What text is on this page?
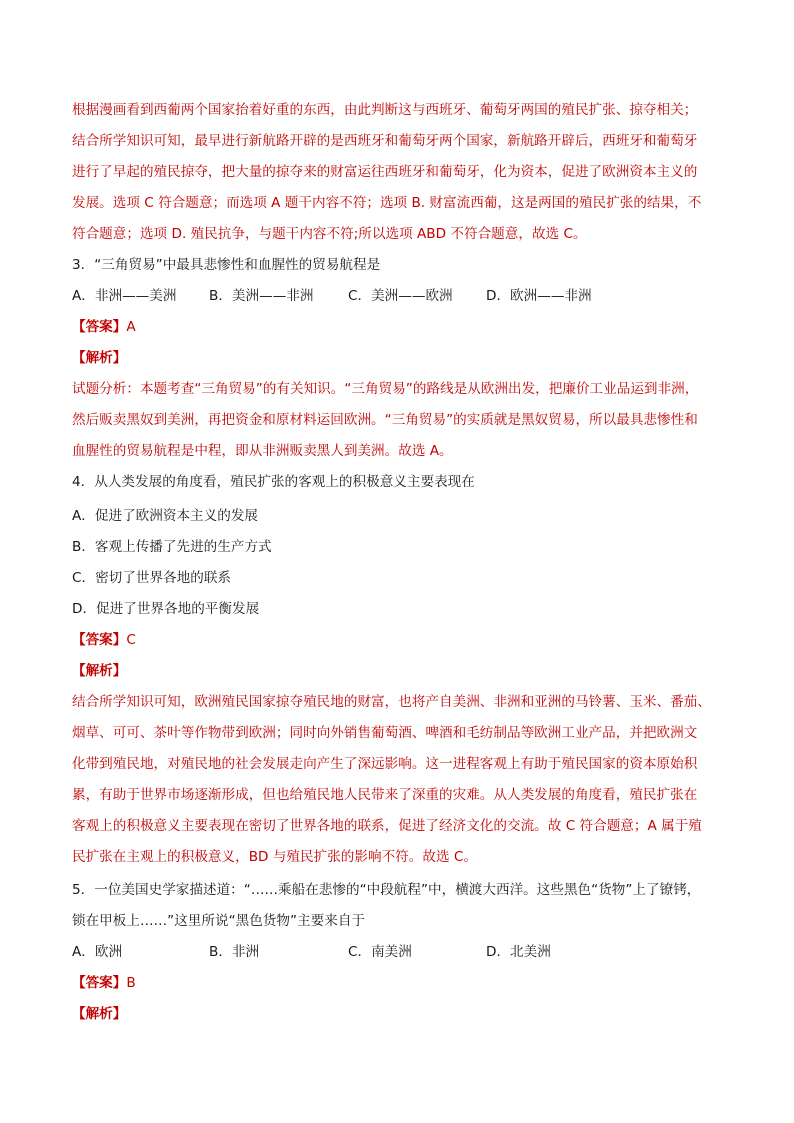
根据漫画看到西葡两个国家抬着好重的东西，由此判断这与西班牙、葡萄牙两国的殖民扩张、掠夺相关；
结合所学知识可知，最早进行新航路开辟的是西班牙和葡萄牙两个国家，新航路开辟后，西班牙和葡萄牙
进行了早起的殖民掠夺，把大量的掠夺来的财富运往西班牙和葡萄牙，化为资本，促进了欧洲资本主义的
发展。选项 C 符合题意；而选项 A 题干内容不符；选项 B. 财富流西葡，这是两国的殖民扩张的结果，不
符合题意；选项 D. 殖民抗争，与题干内容不符;所以选项 ABD 不符合题意，故选 C。
3．“三角贸易”中最具悲惨性和血腥性的贸易航程是
A．非洲——美洲 B．美洲——非洲	C．美洲——欧洲 D．欧洲——非洲
【答案】A
【解析】
试题分析：本题考查“三角贸易”的有关知识。“三角贸易”的路线是从欧洲出发，把廉价工业品运到非洲，
然后贩卖黑奴到美洲，再把资金和原材料运回欧洲。“三角贸易”的实质就是黑奴贸易，所以最具悲惨性和
血腥性的贸易航程是中程，即从非洲贩卖黑人到美洲。故选 A。
4．从人类发展的角度看，殖民扩张的客观上的积极意义主要表现在
A．促进了欧洲资本主义的发展
B．客观上传播了先进的生产方式
C．密切了世界各地的联系
D．促进了世界各地的平衡发展
【答案】C
【解析】
结合所学知识可知，欧洲殖民国家掠夺殖民地的财富，也将产自美洲、非洲和亚洲的马铃薯、玉米、番茄、
烟草、可可、茶叶等作物带到欧洲；同时向外销售葡萄酒、啤酒和毛纺制品等欧洲工业产品，并把欧洲文
化带到殖民地，对殖民地的社会发展走向产生了深远影响。这一进程客观上有助于殖民国家的资本原始积
累，有助于世界市场逐渐形成，但也给殖民地人民带来了深重的灾难。从人类发展的角度看，殖民扩张在
客观上的积极意义主要表现在密切了世界各地的联系，促进了经济文化的交流。故 C 符合题意；A 属于殖
民扩张在主观上的积极意义，BD 与殖民扩张的影响不符。故选 C。
5．一位美国史学家描述道：“……乘船在悲惨的“中段航程”中，横渡大西洋。这些黑色“货物”上了镣铐，
锁在甲板上……”这里所说“黑色货物”主要来自于
A．欧洲	B．非洲	C．南美洲	D．北美洲
【答案】B
【解析】
